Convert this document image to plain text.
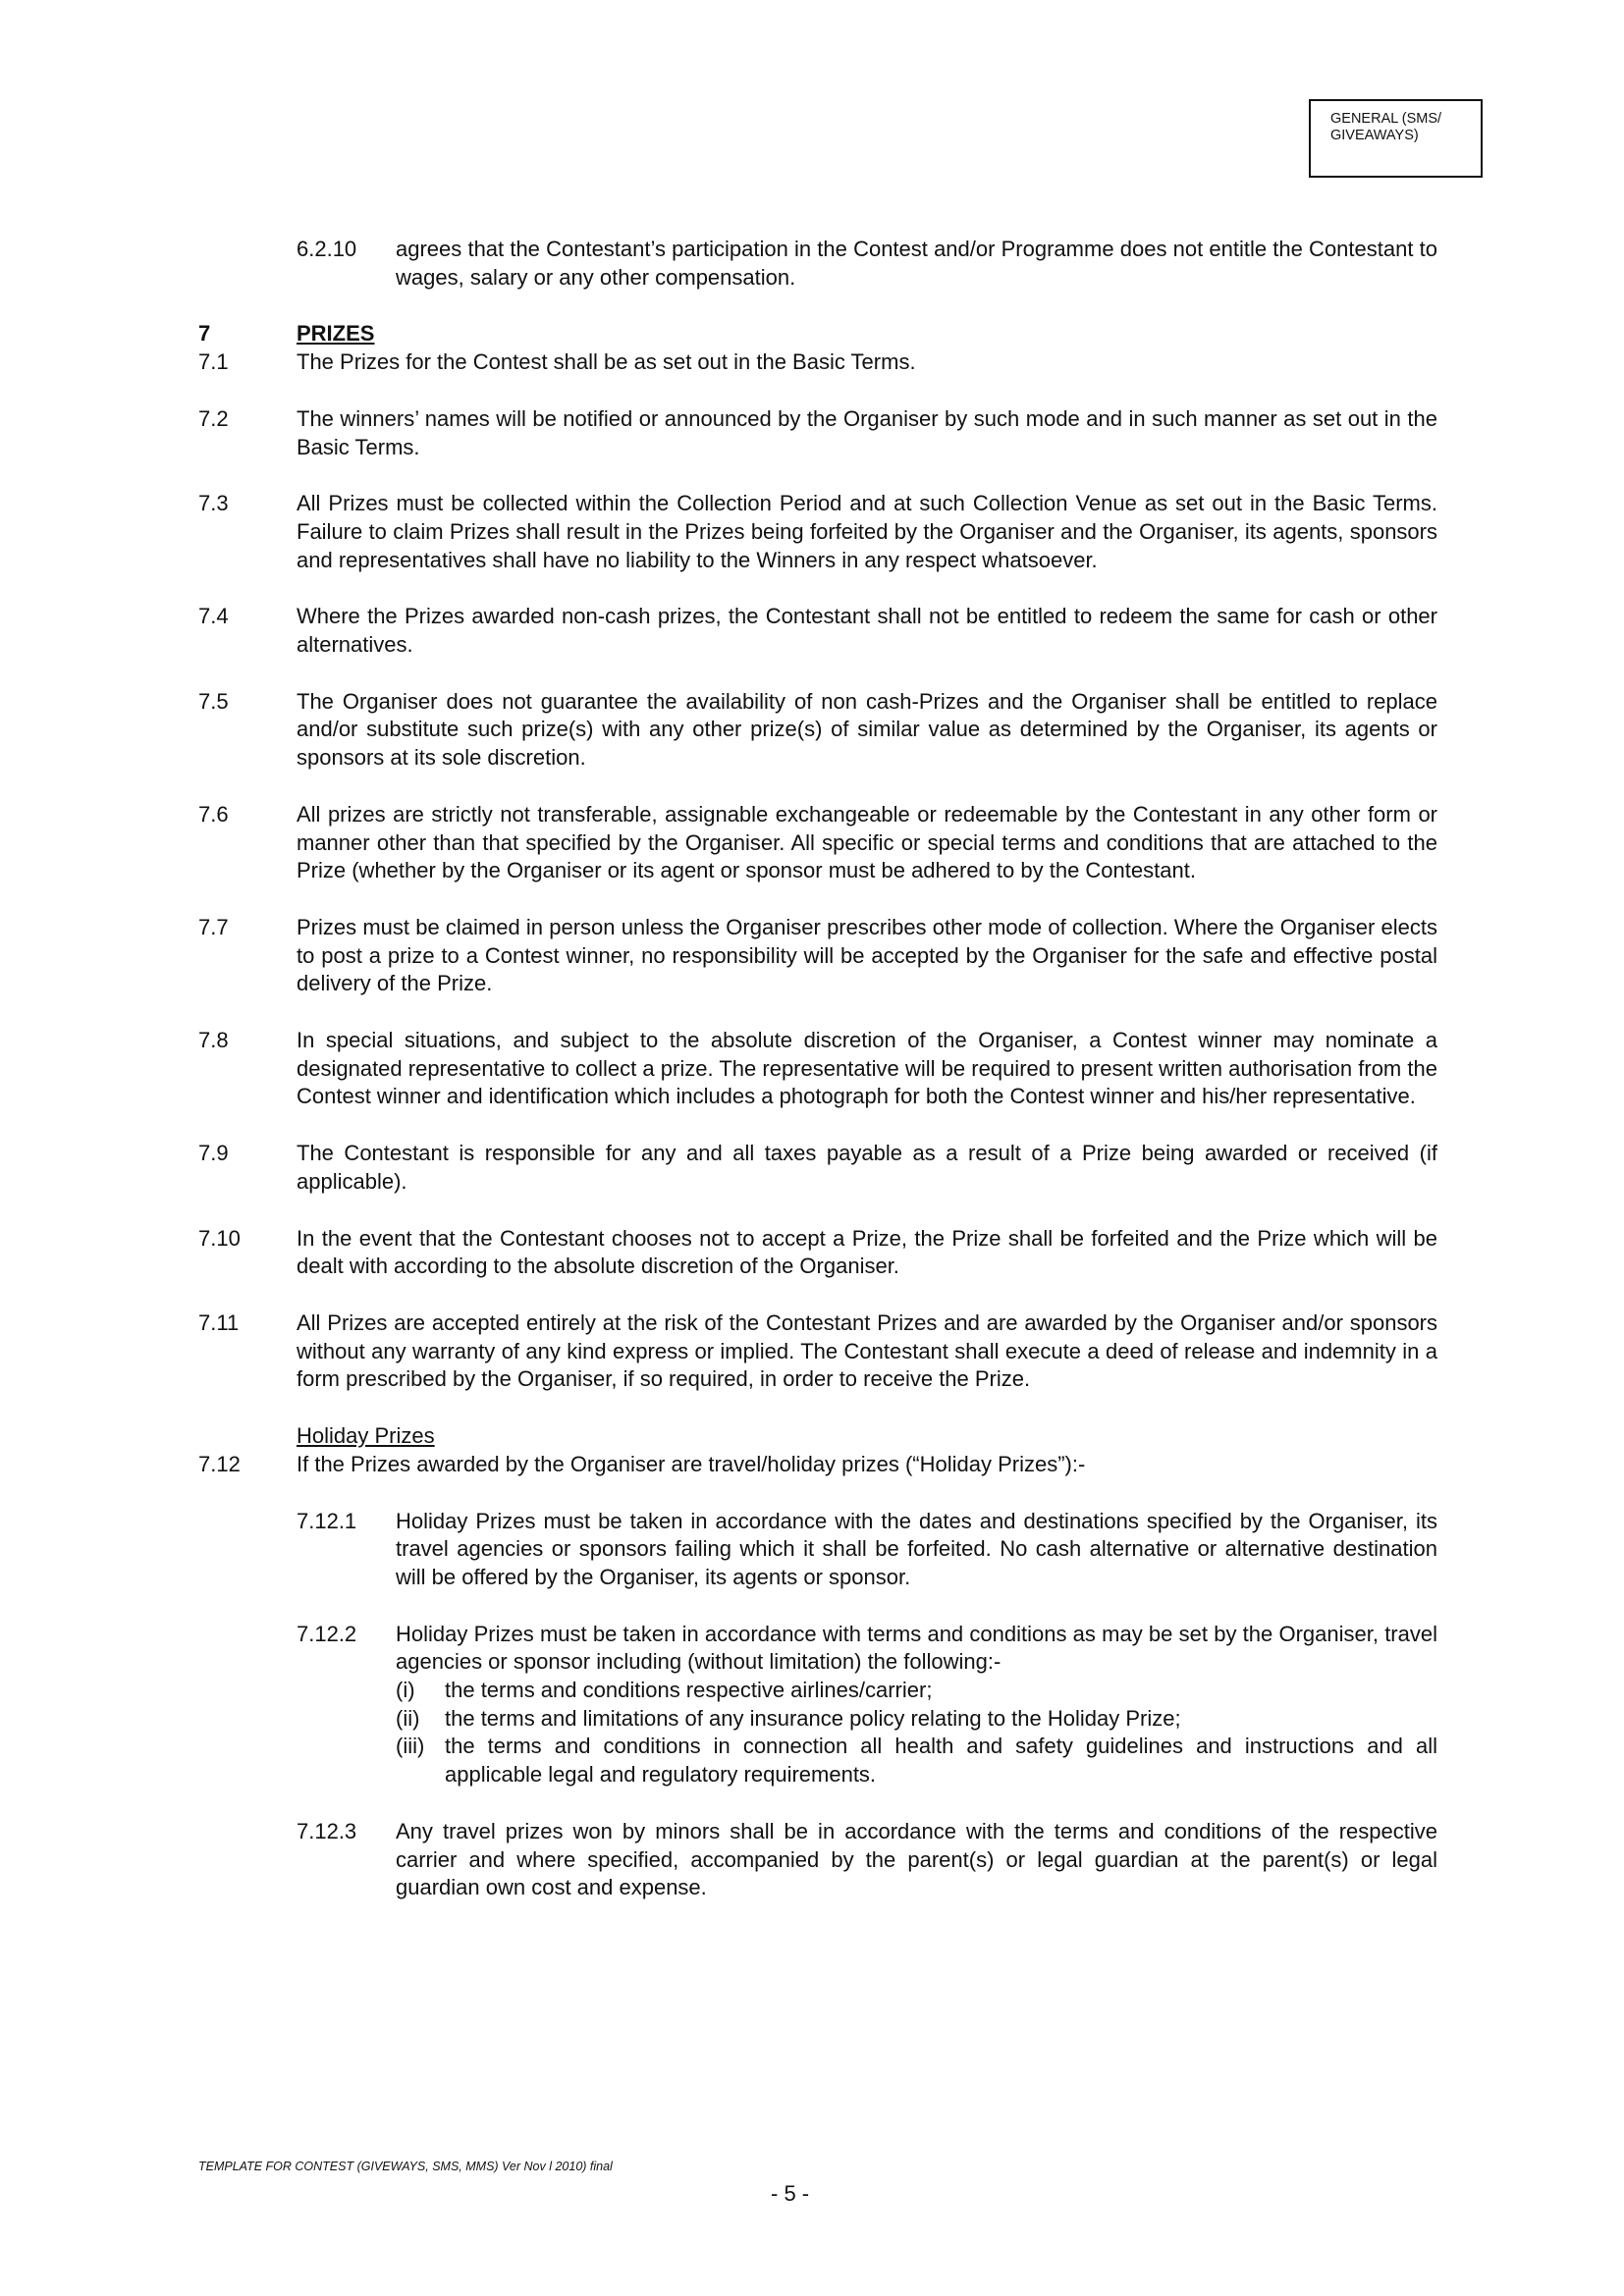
GENERAL (SMS/
GIVEAWAYS)
6.2.10	agrees that the Contestant’s participation in the Contest and/or Programme does not entitle the Contestant to wages, salary or any other compensation.
7	PRIZES
7.1	The Prizes for the Contest shall be as set out in the Basic Terms.
7.2	The winners’ names will be notified or announced by the Organiser by such mode and in such manner as set out in the Basic Terms.
7.3	All Prizes must be collected within the Collection Period and at such Collection Venue as set out in the Basic Terms. Failure to claim Prizes shall result in the Prizes being forfeited by the Organiser and the Organiser, its agents, sponsors and representatives shall have no liability to the Winners in any respect whatsoever.
7.4	Where the Prizes awarded non-cash prizes, the Contestant shall not be entitled to redeem the same for cash or other alternatives.
7.5	The Organiser does not guarantee the availability of non cash-Prizes and the Organiser shall be entitled to replace and/or substitute such prize(s) with any other prize(s) of similar value as determined by the Organiser, its agents or sponsors at its sole discretion.
7.6	All prizes are strictly not transferable, assignable exchangeable or redeemable by the Contestant in any other form or manner other than that specified by the Organiser. All specific or special terms and conditions that are attached to the Prize (whether by the Organiser or its agent or sponsor must be adhered to by the Contestant.
7.7	Prizes must be claimed in person unless the Organiser prescribes other mode of collection. Where the Organiser elects to post a prize to a Contest winner, no responsibility will be accepted by the Organiser for the safe and effective postal delivery of the Prize.
7.8	In special situations, and subject to the absolute discretion of the Organiser, a Contest winner may nominate a designated representative to collect a prize. The representative will be required to present written authorisation from the Contest winner and identification which includes a photograph for both the Contest winner and his/her representative.
7.9	The Contestant is responsible for any and all taxes payable as a result of a Prize being awarded or received (if applicable).
7.10	In the event that the Contestant chooses not to accept a Prize, the Prize shall be forfeited and the Prize which will be dealt with according to the absolute discretion of the Organiser.
7.11	All Prizes are accepted entirely at the risk of the Contestant Prizes and are awarded by the Organiser and/or sponsors without any warranty of any kind express or implied. The Contestant shall execute a deed of release and indemnity in a form prescribed by the Organiser, if so required, in order to receive the Prize.
Holiday Prizes
7.12	If the Prizes awarded by the Organiser are travel/holiday prizes (“Holiday Prizes”):-
7.12.1	Holiday Prizes must be taken in accordance with the dates and destinations specified by the Organiser, its travel agencies or sponsors failing which it shall be forfeited. No cash alternative or alternative destination will be offered by the Organiser, its agents or sponsor.
7.12.2	Holiday Prizes must be taken in accordance with terms and conditions as may be set by the Organiser, travel agencies or sponsor including (without limitation) the following:-
(i)	the terms and conditions respective airlines/carrier;
(ii)	the terms and limitations of any insurance policy relating to the Holiday Prize;
(iii) the terms and conditions in connection all health and safety guidelines and instructions and all applicable legal and regulatory requirements.
7.12.3	Any travel prizes won by minors shall be in accordance with the terms and conditions of the respective carrier and where specified, accompanied by the parent(s) or legal guardian at the parent(s) or legal guardian own cost and expense.
TEMPLATE FOR CONTEST (GIVEWAYS, SMS, MMS) Ver Nov l 2010) final
- 5 -
